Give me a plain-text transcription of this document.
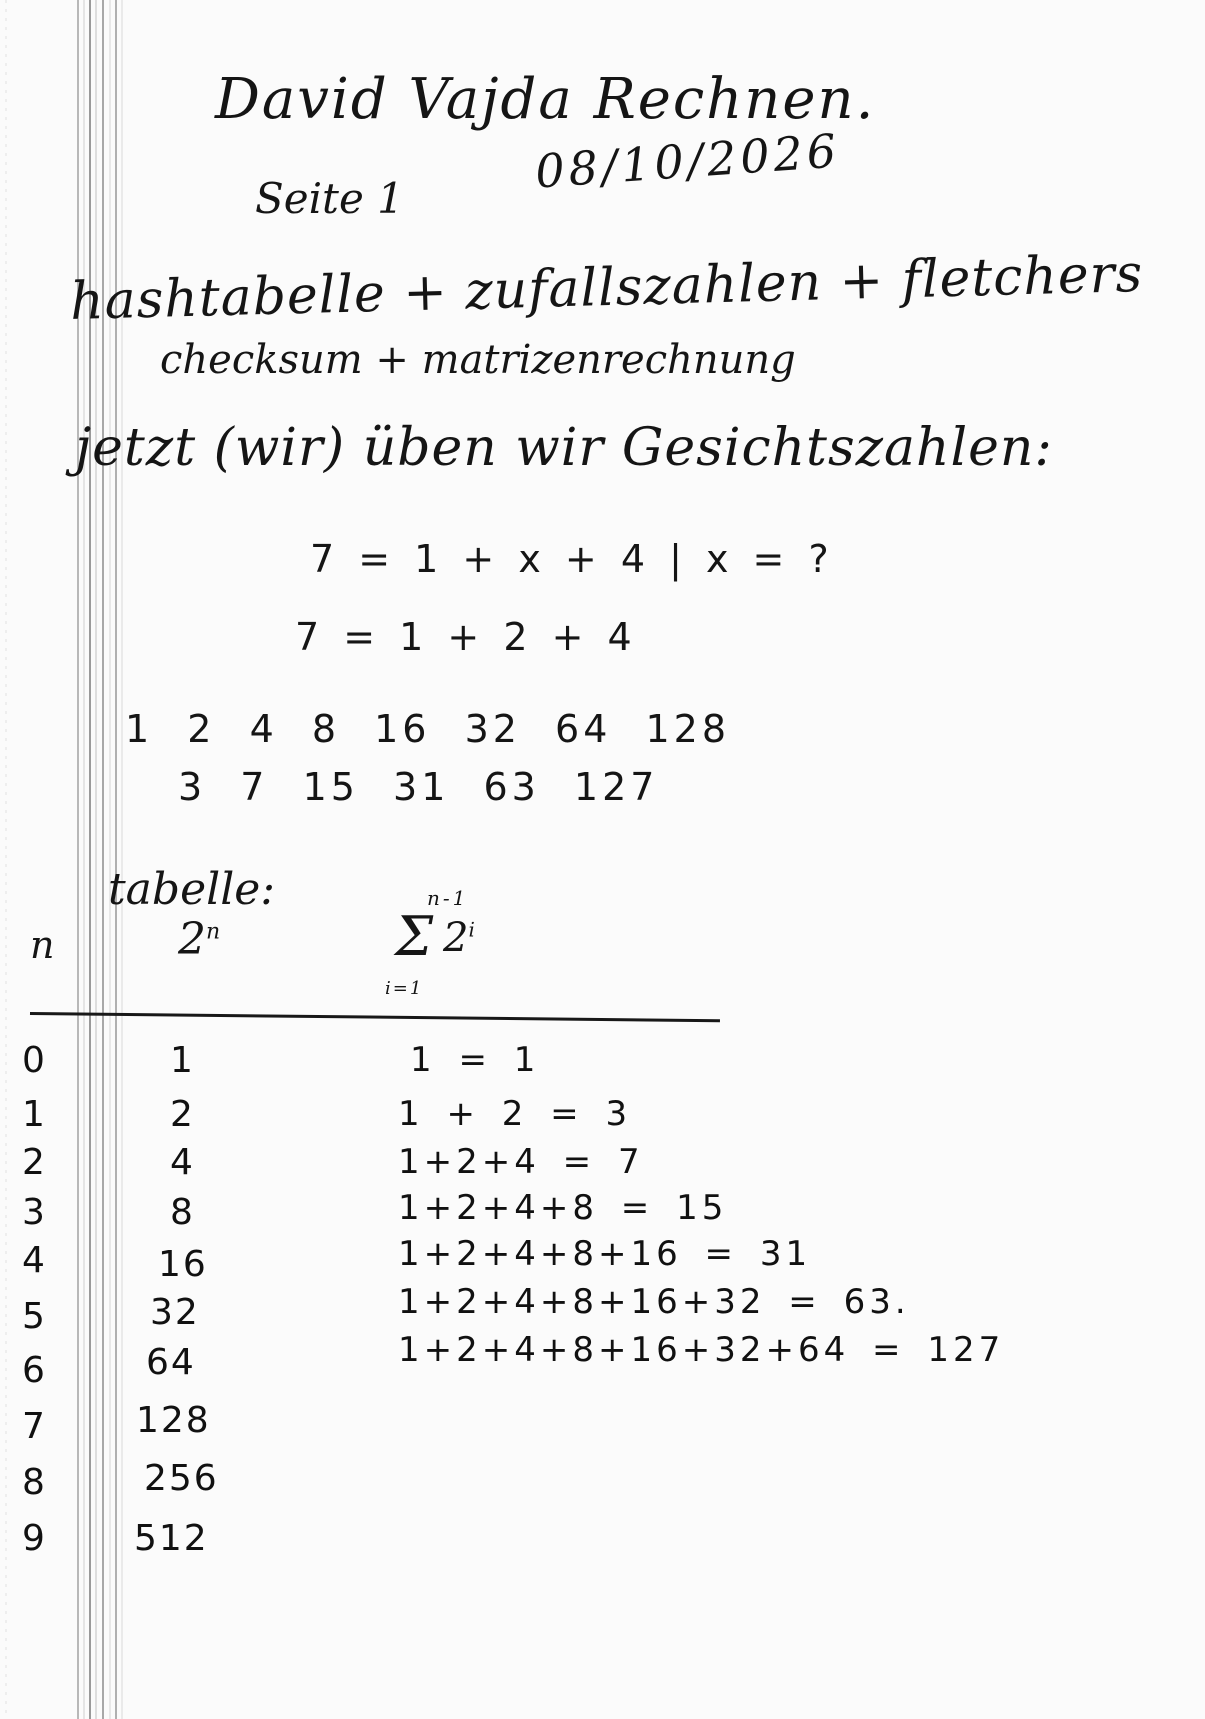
David Vajda Rechnen.
08/10/2026
Seite 1
hashtabelle + zufallszahlen + fletchers
checksum + matrizenrechnung
jetzt (wir) üben wir Gesichtszahlen:
7 = 1 + x + 4 | x = ?
7 = 1 + 2 + 4
1 2 4 8 16 32 64 128
3 7 15 31 63 127
tabelle:
n	2$^n$
n-1
Σ 2$^i$
i=1
0	1	1 = 1
1	2	1 + 2 = 3
2	4	1+2+4 = 7
3	8	1+2+4+8 = 15
4	16	1+2+4+8+16 = 31
5	32	1+2+4+8+16+32 = 63.
6	64	1+2+4+8+16+32+64 = 127
7	128
8	256
9 512
